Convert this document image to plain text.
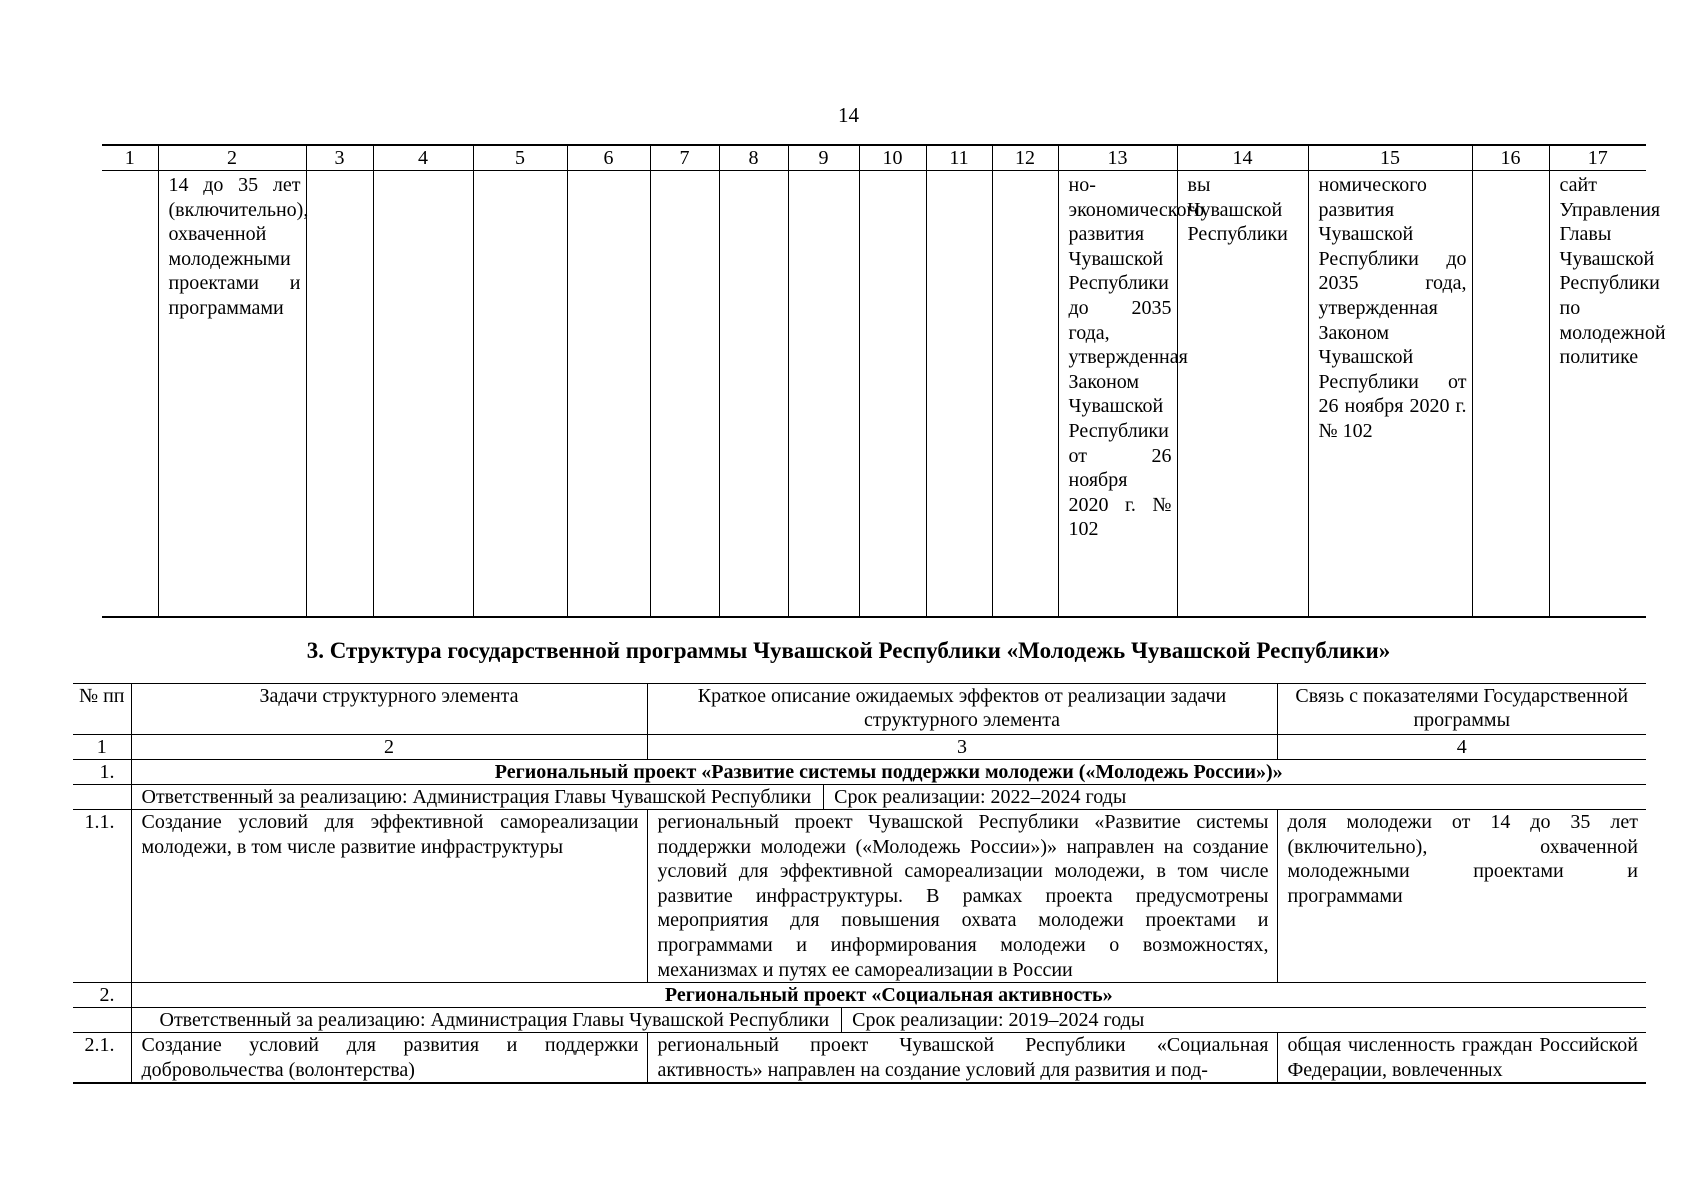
14
1	2	3	4	5	6	7	8	9	10	11	12	13	14	15	16	17
	14 до 35 лет (включительно), охваченной молодежными проектами и программами											но-экономического развития Чувашской Республики до 2035 года, утвержденная Законом Чувашской Республики от 26 ноября 2020 г. № 102	вы Чувашской Республики	номического развития Чувашской Республики до 2035 года, утвержденная Законом Чувашской Республики от 26 ноября 2020 г. № 102		сайт Управления Главы Чувашской Республики по молодежной политике
3. Структура государственной программы Чувашской Республики «Молодежь Чувашской Республики»
№ пп	Задачи структурного элемента	Краткое описание ожидаемых эффектов от реализации задачи структурного элемента	Связь с показателями Государственной программы
1	2	3	4
1.	Региональный проект «Развитие системы поддержки молодежи («Молодежь России»)»		
	Ответственный за реализацию: Администрация Главы Чувашской Республики Срок реализации: 2022–2024 годы		
1.1.	Создание условий для эффективной самореализации молодежи, в том числе развитие инфраструктуры	региональный проект Чувашской Республики «Развитие системы поддержки молодежи («Молодежь России»)» направлен на создание условий для эффективной самореализации молодежи, в том числе развитие инфраструктуры. В рамках проекта предусмотрены мероприятия для повышения охвата молодежи проектами и программами и информирования молодежи о возможностях, механизмах и путях ее самореализации в России	доля молодежи от 14 до 35 лет (включительно), охваченной молодежными проектами и программами
2.	Региональный проект «Социальная активность»		
	Ответственный за реализацию: Администрация Главы Чувашской Республики Срок реализации: 2019–2024 годы		
2.1.	Создание условий для развития и поддержки добровольчества (волонтерства)	региональный проект Чувашской Республики «Социальная активность» направлен на создание условий для развития и под-	общая численность граждан Российской Федерации, вовлеченных
